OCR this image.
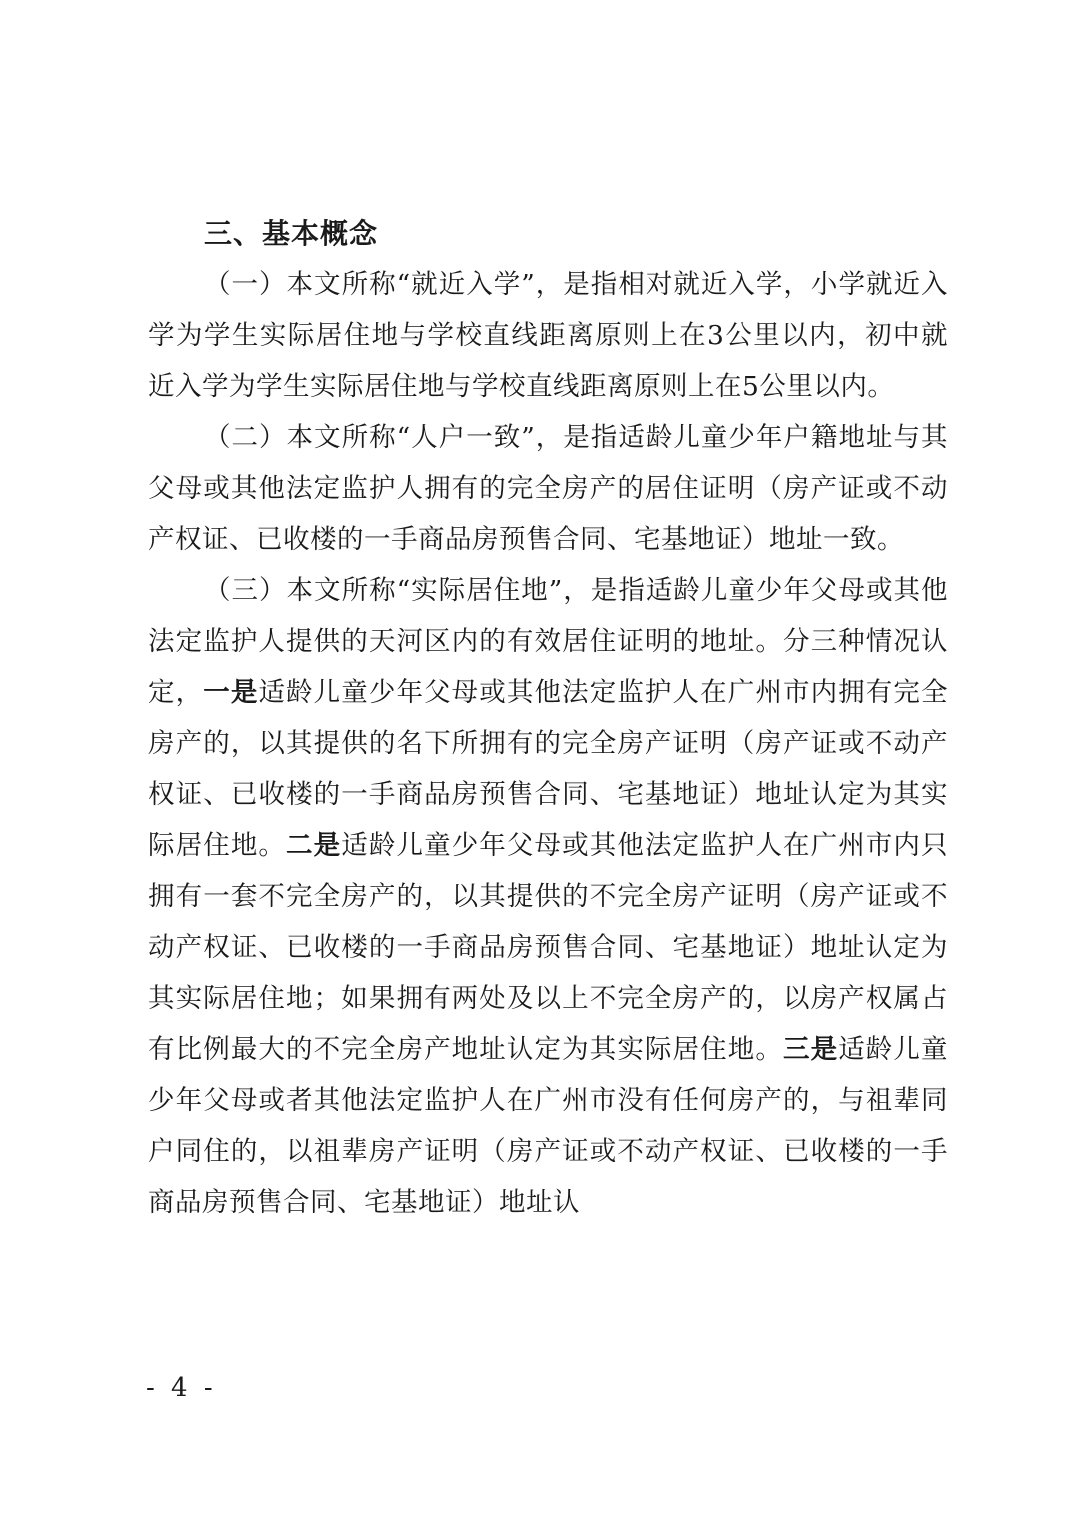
三、基本概念

（一）本文所称“就近入学”，是指相对就近入学，小学就近入学为学生实际居住地与学校直线距离原则上在3公里以内，初中就近入学为学生实际居住地与学校直线距离原则上在5公里以内。

（二）本文所称“人户一致”，是指适龄儿童少年户籍地址与其父母或其他法定监护人拥有的完全房产的居住证明（房产证或不动产权证、已收楼的一手商品房预售合同、宅基地证）地址一致。

（三）本文所称“实际居住地”，是指适龄儿童少年父母或其他法定监护人提供的天河区内的有效居住证明的地址。分三种情况认定，一是适龄儿童少年父母或其他法定监护人在广州市内拥有完全房产的，以其提供的名下所拥有的完全房产证明（房产证或不动产权证、已收楼的一手商品房预售合同、宅基地证）地址认定为其实际居住地。二是适龄儿童少年父母或其他法定监护人在广州市内只拥有一套不完全房产的，以其提供的不完全房产证明（房产证或不动产权证、已收楼的一手商品房预售合同、宅基地证）地址认定为其实际居住地；如果拥有两处及以上不完全房产的，以房产权属占有比例最大的不完全房产地址认定为其实际居住地。三是适龄儿童少年父母或者其他法定监护人在广州市没有任何房产的，与祖辈同户同住的，以祖辈房产证明（房产证或不动产权证、已收楼的一手商品房预售合同、宅基地证）地址认

- 4 -
